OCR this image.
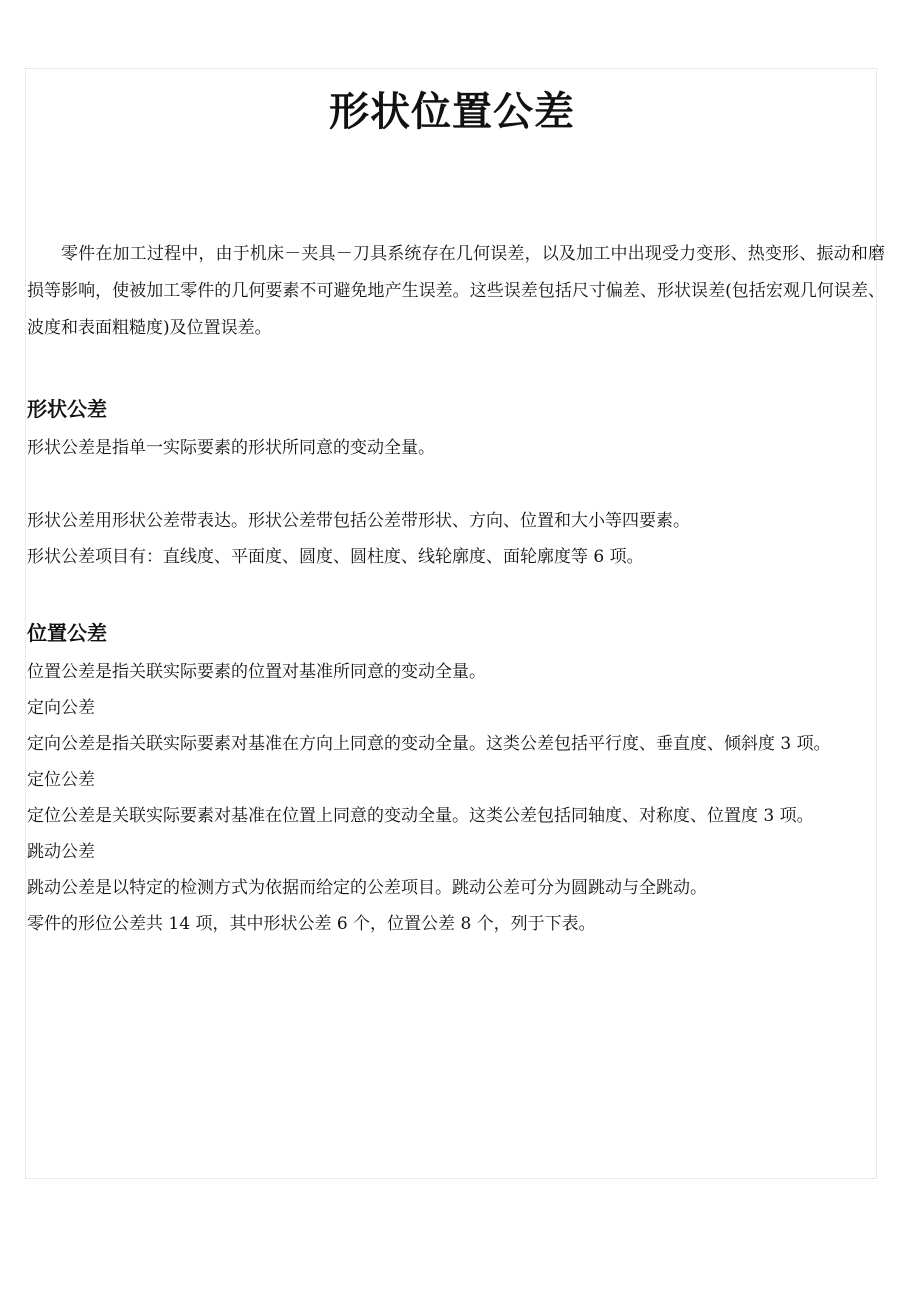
形状位置公差

零件在加工过程中，由于机床－夹具－刀具系统存在几何误差，以及加工中出现受力变形、热变形、振动和磨损等影响，使被加工零件的几何要素不可避免地产生误差。这些误差包括尺寸偏差、形状误差(包括宏观几何误差、波度和表面粗糙度)及位置误差。

形状公差

形状公差是指单一实际要素的形状所同意的变动全量。

形状公差用形状公差带表达。形状公差带包括公差带形状、方向、位置和大小等四要素。

形状公差项目有：直线度、平面度、圆度、圆柱度、线轮廓度、面轮廓度等 6 项。

位置公差

位置公差是指关联实际要素的位置对基准所同意的变动全量。

定向公差

定向公差是指关联实际要素对基准在方向上同意的变动全量。这类公差包括平行度、垂直度、倾斜度 3 项。

定位公差

定位公差是关联实际要素对基准在位置上同意的变动全量。这类公差包括同轴度、对称度、位置度 3 项。

跳动公差

跳动公差是以特定的检测方式为依据而给定的公差项目。跳动公差可分为圆跳动与全跳动。

零件的形位公差共 14 项，其中形状公差 6 个，位置公差 8 个，列于下表。
